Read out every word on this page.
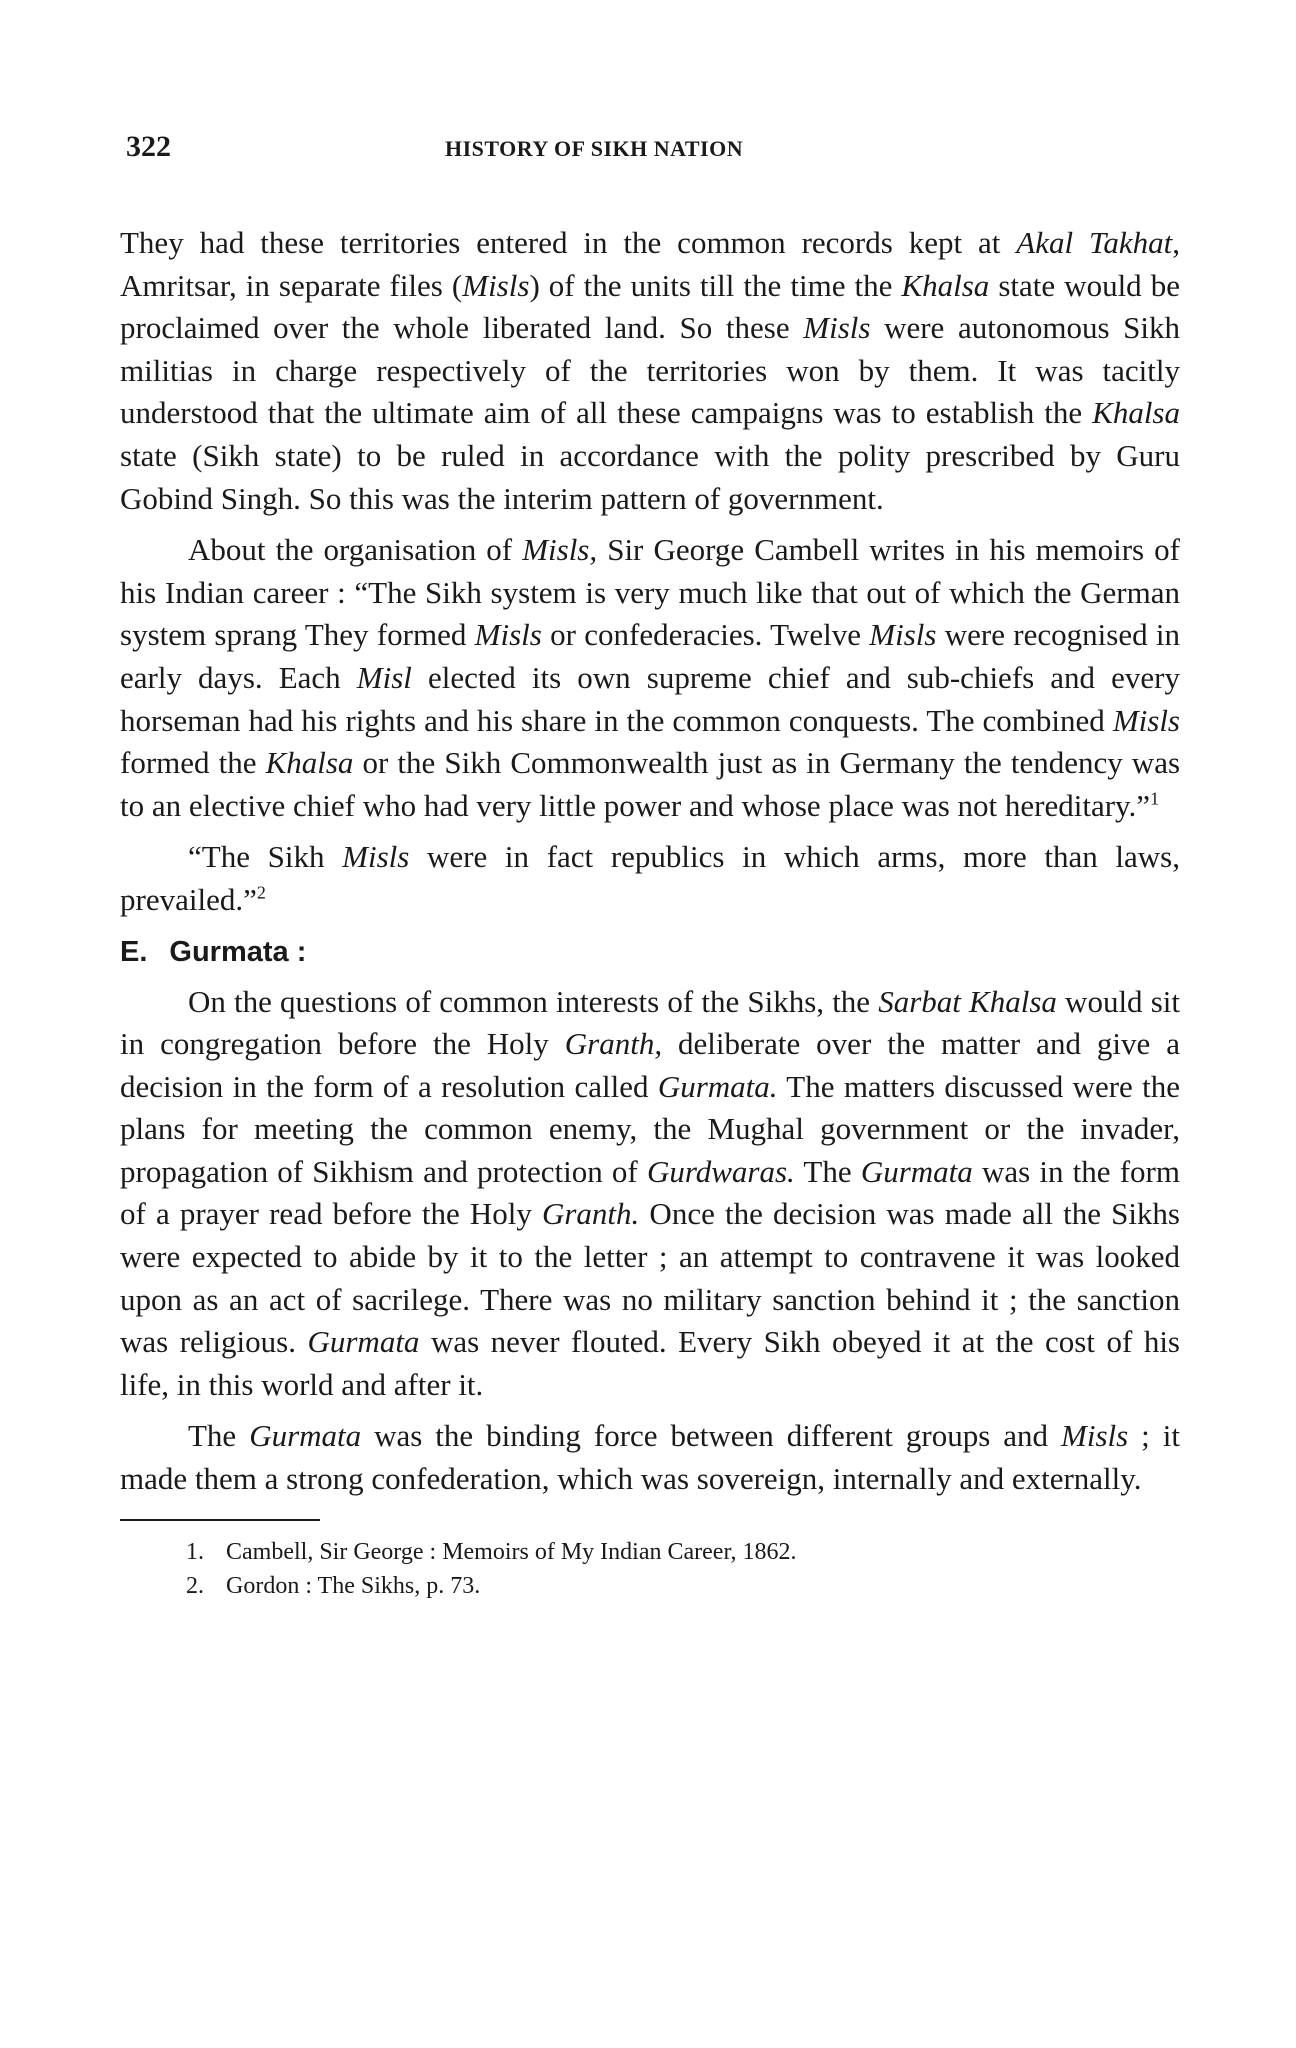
322	HISTORY OF SIKH NATION

They had these territories entered in the common records kept at Akal Takhat, Amritsar, in separate files (Misls) of the units till the time the Khalsa state would be proclaimed over the whole liberated land. So these Misls were autonomous Sikh militias in charge respectively of the territories won by them. It was tacitly understood that the ultimate aim of all these campaigns was to establish the Khalsa state (Sikh state) to be ruled in accordance with the polity prescribed by Guru Gobind Singh. So this was the interim pattern of government.

About the organisation of Misls, Sir George Cambell writes in his memoirs of his Indian career : “The Sikh system is very much like that out of which the German system sprang They formed Misls or confederacies. Twelve Misls were recognised in early days. Each Misl elected its own supreme chief and sub-chiefs and every horseman had his rights and his share in the common conquests. The combined Misls formed the Khalsa or the Sikh Commonwealth just as in Germany the tendency was to an elective chief who had very little power and whose place was not hereditary.”$^1$

“The Sikh Misls were in fact republics in which arms, more than laws, prevailed.”$^2$

E. Gurmata :

On the questions of common interests of the Sikhs, the Sarbat Khalsa would sit in congregation before the Holy Granth, deliberate over the matter and give a decision in the form of a resolution called Gurmata. The matters discussed were the plans for meeting the common enemy, the Mughal government or the invader, propagation of Sikhism and protection of Gurdwaras. The Gurmata was in the form of a prayer read before the Holy Granth. Once the decision was made all the Sikhs were expected to abide by it to the letter ; an attempt to contravene it was looked upon as an act of sacrilege. There was no military sanction behind it ; the sanction was religious. Gurmata was never flouted. Every Sikh obeyed it at the cost of his life, in this world and after it.

The Gurmata was the binding force between different groups and Misls ; it made them a strong confederation, which was sovereign, internally and externally.

1. Cambell, Sir George : Memoirs of My Indian Career, 1862.
2. Gordon : The Sikhs, p. 73.
